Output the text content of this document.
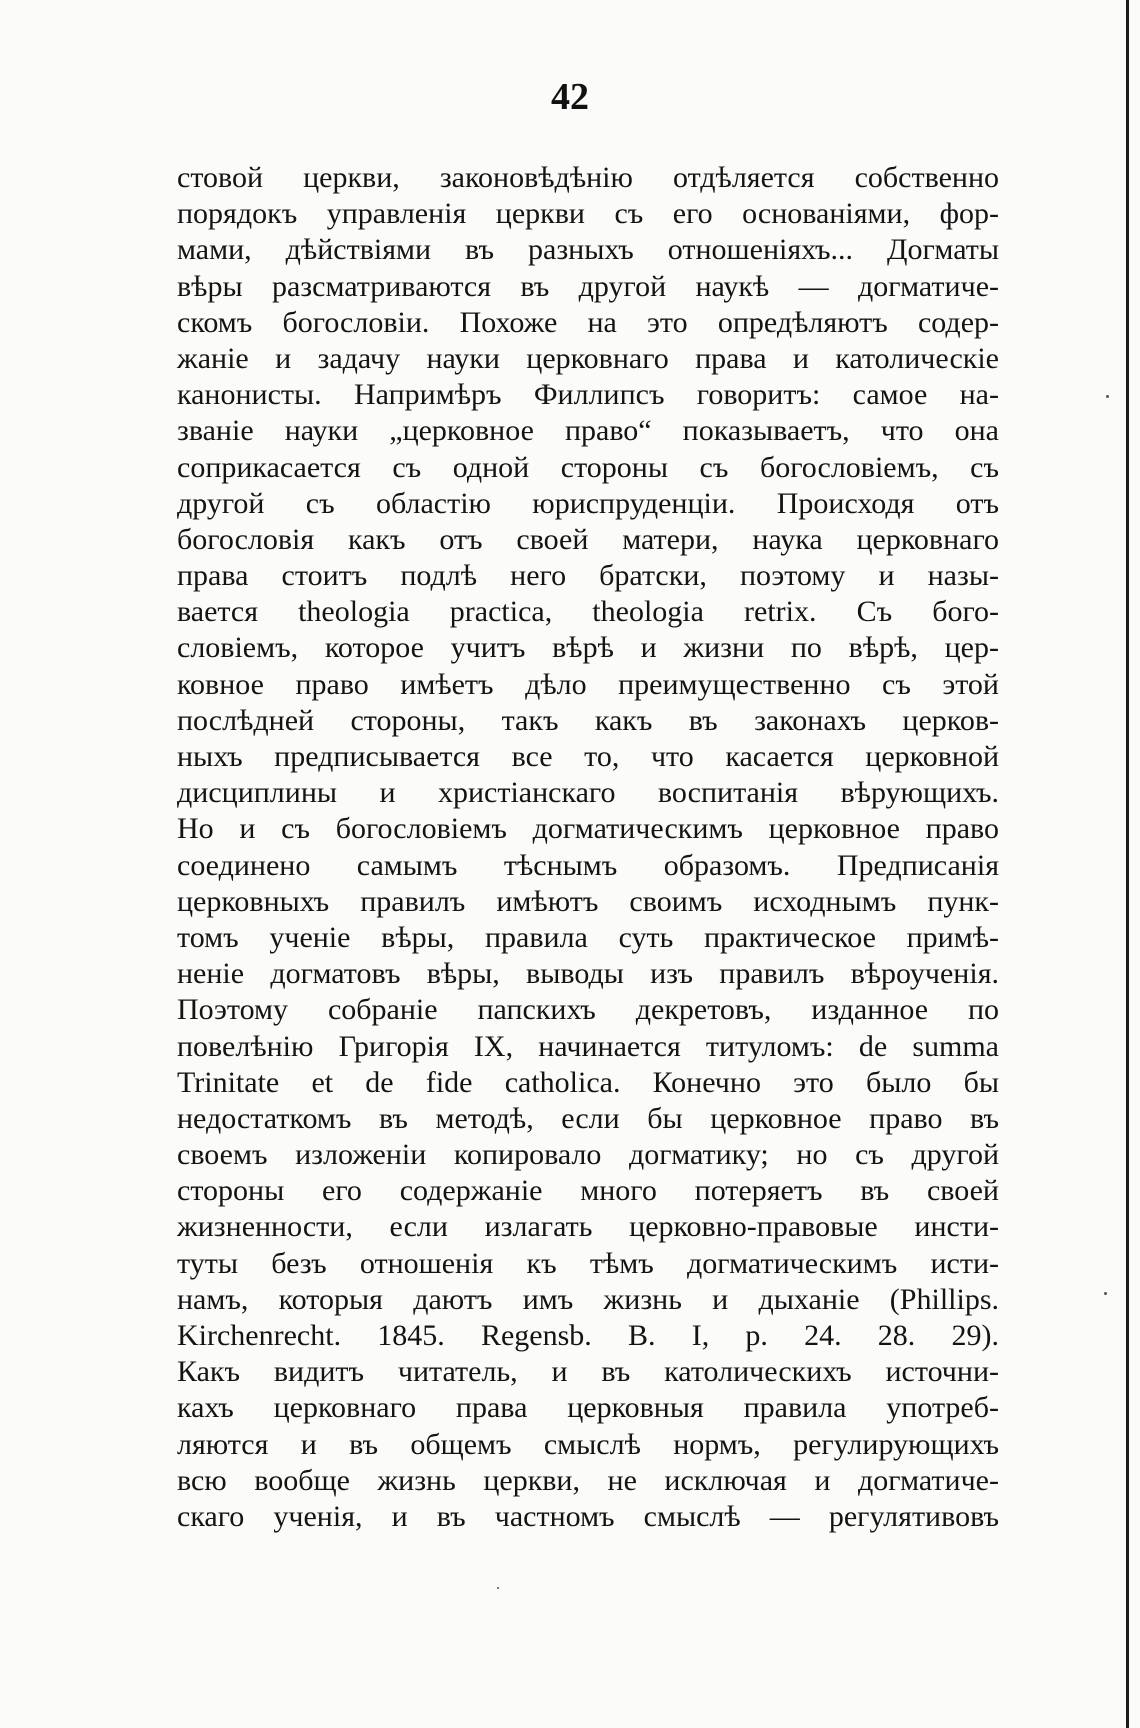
42
стовой церкви, законовѣдѣнію отдѣляется собственно
порядокъ управленія церкви съ его основаніями, фор-
мами, дѣйствіями въ разныхъ отношеніяхъ... Догматы
вѣры разсматриваются въ другой наукѣ — догматиче-
скомъ богословіи. Похоже на это опредѣляютъ содер-
жаніе и задачу науки церковнаго права и католическіе
канонисты. Напримѣръ Филлипсъ говоритъ: самое на-
званіе науки „церковное право“ показываетъ, что она
соприкасается съ одной стороны съ богословіемъ, съ
другой съ областію юриспруденціи. Происходя отъ
богословія какъ отъ своей матери, наука церковнаго
права стоитъ подлѣ него братски, поэтому и назы-
вается theologia practica, theologia retrix. Съ бого-
словіемъ, которое учитъ вѣрѣ и жизни по вѣрѣ, цер-
ковное право имѣетъ дѣло преимущественно съ этой
послѣдней стороны, такъ какъ въ законахъ церков-
ныхъ предписывается все то, что касается церковной
дисциплины и христіанскаго воспитанія вѣрующихъ.
Но и съ богословіемъ догматическимъ церковное право
соединено самымъ тѣснымъ образомъ. Предписанія
церковныхъ правилъ имѣютъ своимъ исходнымъ пунк-
томъ ученіе вѣры, правила суть практическое примѣ-
неніе догматовъ вѣры, выводы изъ правилъ вѣроученія.
Поэтому собраніе папскихъ декретовъ, изданное по
повелѣнію Григорія IX, начинается титуломъ: de summa
Trinitate et de fide catholica. Конечно это было бы
недостаткомъ въ методѣ, если бы церковное право въ
своемъ изложеніи копировало догматику; но съ другой
стороны его содержаніе много потеряетъ въ своей
жизненности, если излагать церковно-правовые инсти-
туты безъ отношенія къ тѣмъ догматическимъ исти-
намъ, которыя даютъ имъ жизнь и дыханіе (Phillips.
Kirchenrecht. 1845. Regensb. B. I, p. 24. 28. 29).
Какъ видитъ читатель, и въ католическихъ источни-
кахъ церковнаго права церковныя правила употреб-
ляются и въ общемъ смыслѣ нормъ, регулирующихъ
всю вообще жизнь церкви, не исключая и догматиче-
скаго ученія, и въ частномъ смыслѣ — регулятивовъ
